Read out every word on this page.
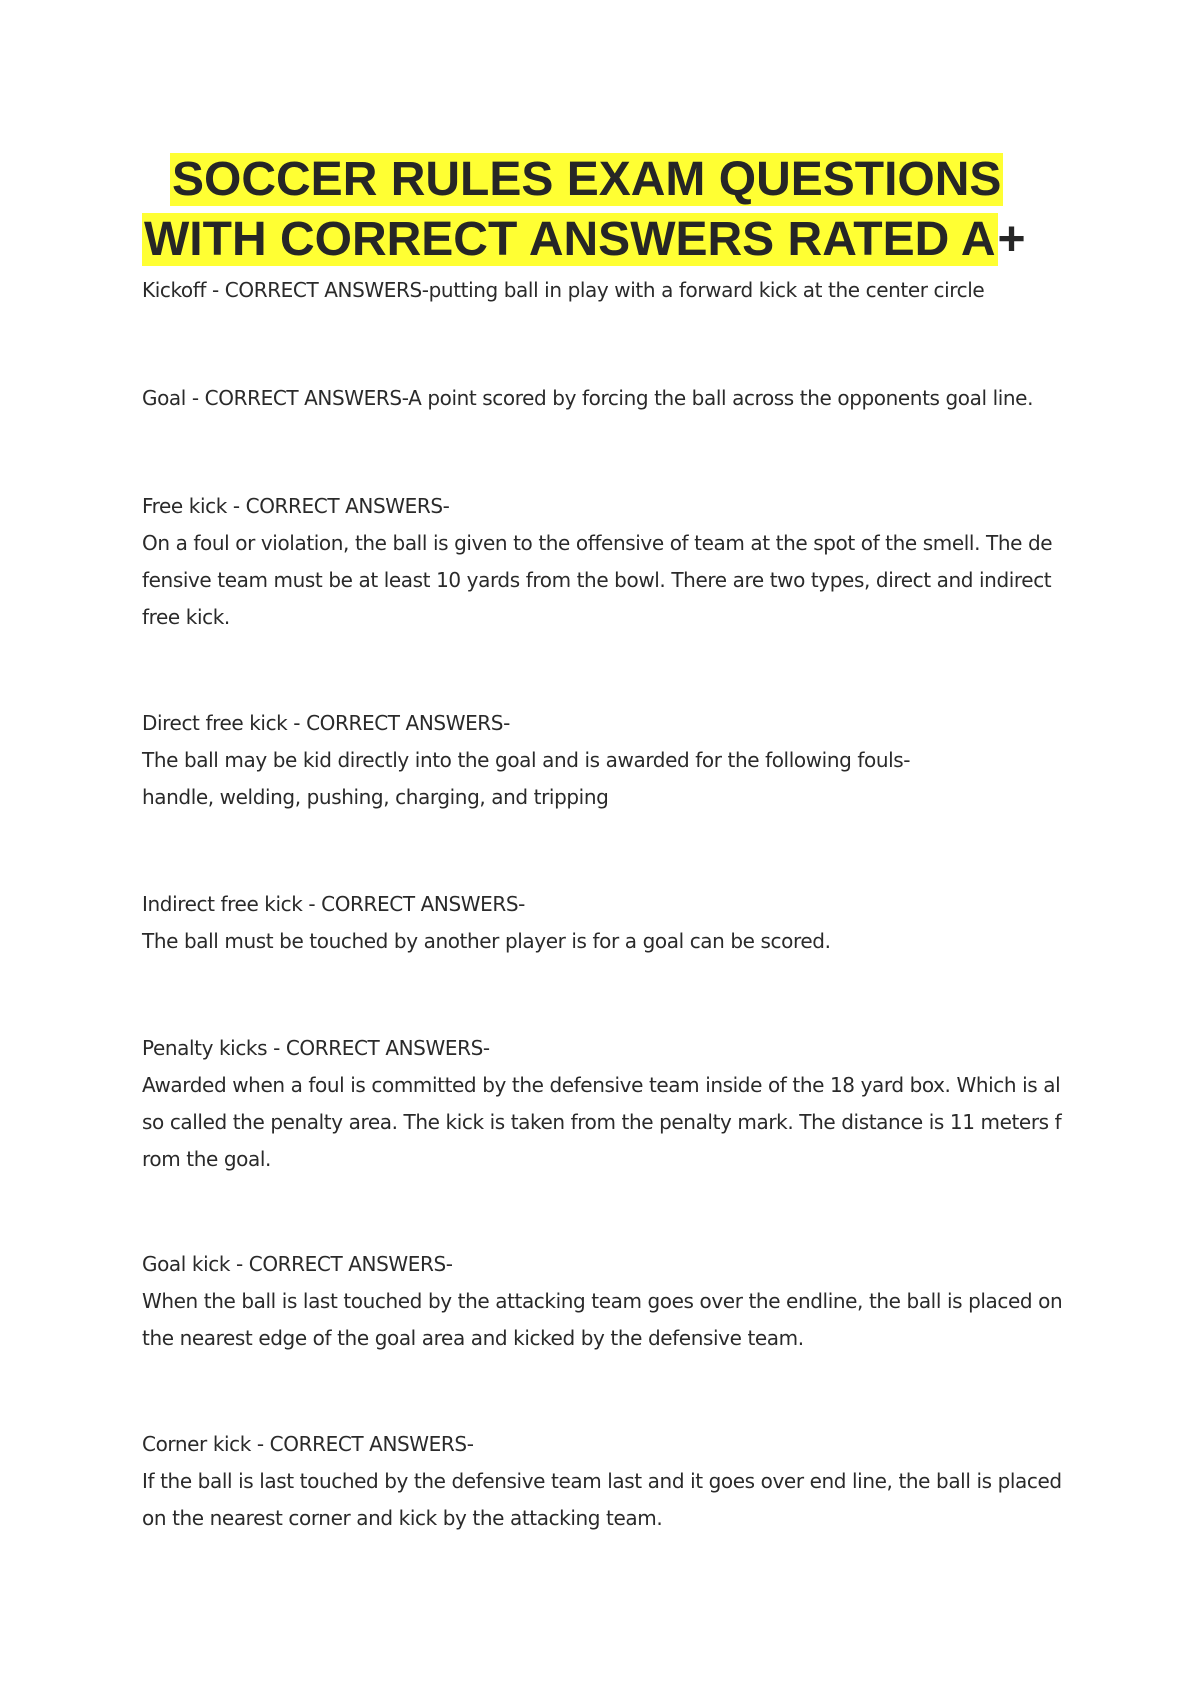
SOCCER RULES EXAM QUESTIONS
WITH CORRECT ANSWERS RATED A+
Kickoff - CORRECT ANSWERS-putting ball in play with a forward kick at the center circle
Goal - CORRECT ANSWERS-A point scored by forcing the ball across the opponents goal line.
Free kick - CORRECT ANSWERS-
On a foul or violation, the ball is given to the offensive of team at the spot of the smell. The de fensive team must be at least 10 yards from the bowl. There are two types, direct and indirect free kick.
Direct free kick - CORRECT ANSWERS-
The ball may be kid directly into the goal and is awarded for the following fouls- handle, welding, pushing, charging, and tripping
Indirect free kick - CORRECT ANSWERS-
The ball must be touched by another player is for a goal can be scored.
Penalty kicks - CORRECT ANSWERS-
Awarded when a foul is committed by the defensive team inside of the 18 yard box. Which is al so called the penalty area. The kick is taken from the penalty mark. The distance is 11 meters f rom the goal.
Goal kick - CORRECT ANSWERS-
When the ball is last touched by the attacking team goes over the endline, the ball is placed on the nearest edge of the goal area and kicked by the defensive team.
Corner kick - CORRECT ANSWERS-
If the ball is last touched by the defensive team last and it goes over end line, the ball is placed on the nearest corner and kick by the attacking team.
